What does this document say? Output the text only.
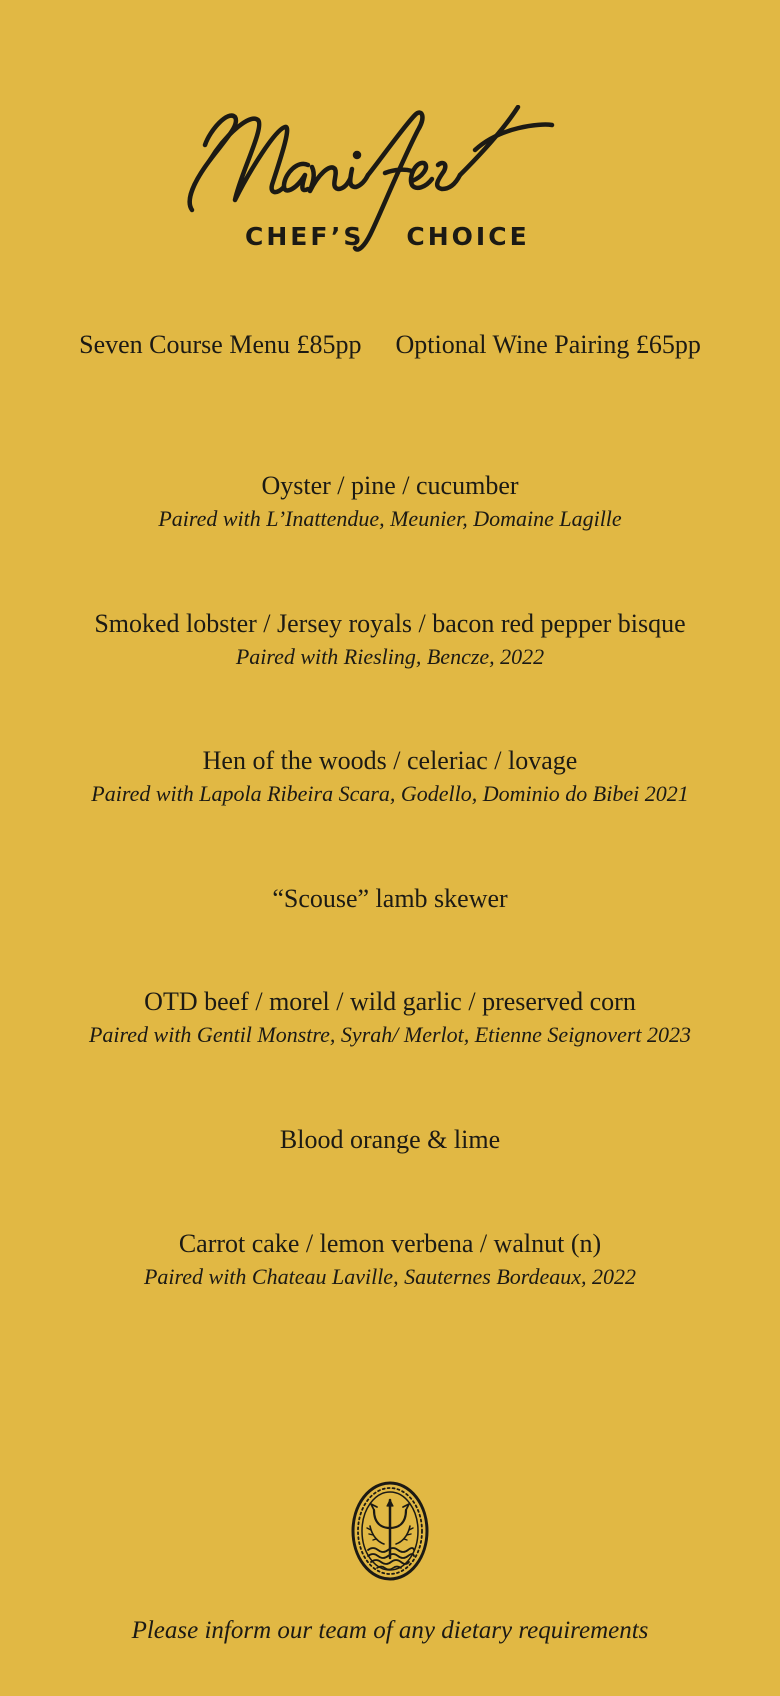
CHEF’S CHOICE
Seven Course Menu £85pp Optional Wine Pairing £65pp
Oyster / pine / cucumber
Paired with L’Inattendue, Meunier, Domaine Lagille
Smoked lobster / Jersey royals / bacon red pepper bisque
Paired with Riesling, Bencze, 2022
Hen of the woods / celeriac / lovage
Paired with Lapola Ribeira Scara, Godello, Dominio do Bibei 2021
“Scouse” lamb skewer
OTD beef / morel / wild garlic / preserved corn
Paired with Gentil Monstre, Syrah/ Merlot, Etienne Seignovert 2023
Blood orange & lime
Carrot cake / lemon verbena / walnut (n)
Paired with Chateau Laville, Sauternes Bordeaux, 2022
Please inform our team of any dietary requirements
